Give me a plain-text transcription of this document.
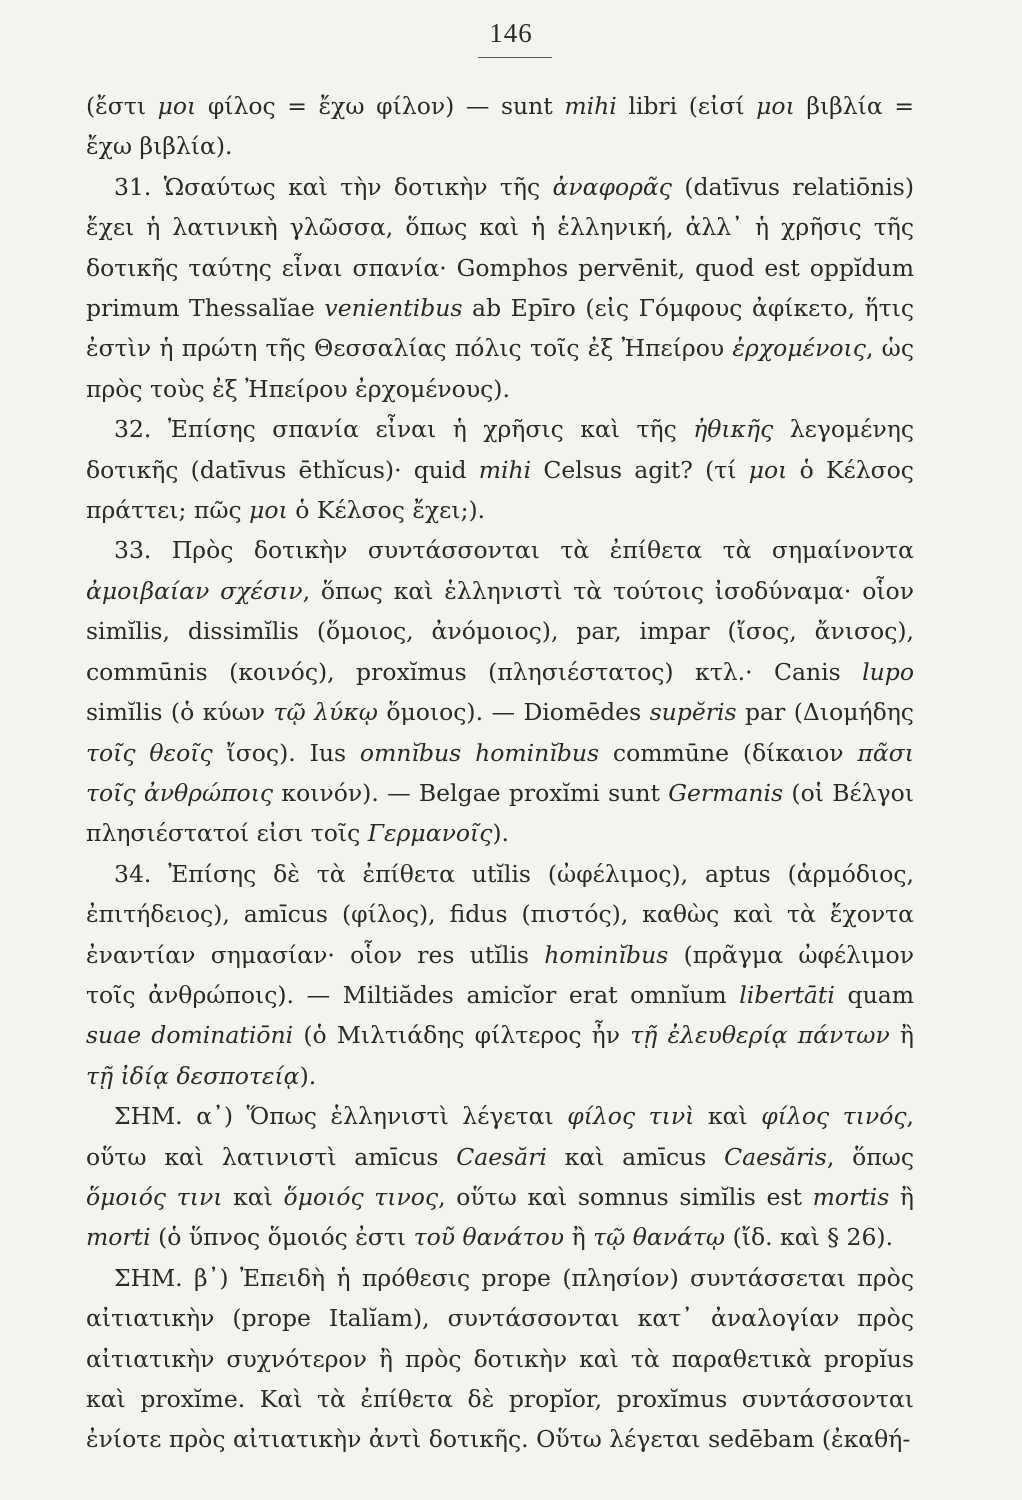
146

(ἔστι μοι φίλος = ἔχω φίλον) — sunt mihi libri (εἰσί μοι βιβλία = ἔχω βιβλία).

31. Ὡσαύτως καὶ τὴν δοτικὴν τῆς ἀναφορᾶς (datīvus relatiōnis) ἔχει ἡ λατινικὴ γλῶσσα, ὅπως καὶ ἡ ἑλληνική, ἀλλ᾽ ἡ χρῆσις τῆς δοτικῆς ταύτης εἶναι σπανία· Gomphos pervēnit, quod est oppĭdum primum Thessalĭae venientibus ab Epīro (εἰς Γόμφους ἀφίκετο, ἥτις ἐστὶν ἡ πρώτη τῆς Θεσσαλίας πόλις τοῖς ἐξ Ἠπείρου ἐρχομένοις, ὡς πρὸς τοὺς ἐξ Ἠπείρου ἐρχομένους).

32. Ἐπίσης σπανία εἶναι ἡ χρῆσις καὶ τῆς ἠθικῆς λεγομένης δοτικῆς (datīvus ēthĭcus)· quid mihi Celsus agit? (τί μοι ὁ Κέλσος πράττει; πῶς μοι ὁ Κέλσος ἔχει;).

33. Πρὸς δοτικὴν συντάσσονται τὰ ἐπίθετα τὰ σημαίνοντα ἀμοιβαίαν σχέσιν, ὅπως καὶ ἑλληνιστὶ τὰ τούτοις ἰσοδύναμα· οἷον simĭlis, dissimĭlis (ὅμοιος, ἀνόμοιος), par, impar (ἴσος, ἄνισος), commūnis (κοινός), proxĭmus (πλησιέστατος) κτλ.· Canis lupo simĭlis (ὁ κύων τῷ λύκῳ ὅμοιος). — Diomēdes supĕris par (Διομήδης τοῖς θεοῖς ἴσος). Ius omnĭbus hominĭbus commūne (δίκαιον πᾶσι τοῖς ἀνθρώποις κοινόν). — Belgae proxĭmi sunt Germanis (οἱ Βέλγοι πλησιέστατοί εἰσι τοῖς Γερμανοῖς).

34. Ἐπίσης δὲ τὰ ἐπίθετα utĭlis (ὠφέλιμος), aptus (ἁρμόδιος, ἐπιτήδειος), amīcus (φίλος), fidus (πιστός), καθὼς καὶ τὰ ἔχοντα ἐναντίαν σημασίαν· οἷον res utĭlis hominĭbus (πρᾶγμα ὠφέλιμον τοῖς ἀνθρώποις). — Miltiădes amicĭor erat omnĭum libertāti quam suae dominatiōni (ὁ Μιλτιάδης φίλτερος ἦν τῇ ἐλευθερίᾳ πάντων ἢ τῇ ἰδίᾳ δεσποτείᾳ).

ΣΗΜ. α᾽) Ὅπως ἑλληνιστὶ λέγεται φίλος τινὶ καὶ φίλος τινός, οὕτω καὶ λατινιστὶ amīcus Caesări καὶ amīcus Caesăris, ὅπως ὅμοιός τινι καὶ ὅμοιός τινος, οὕτω καὶ somnus simĭlis est mortis ἢ morti (ὁ ὕπνος ὅμοιός ἐστι τοῦ θανάτου ἢ τῷ θανάτῳ (ἴδ. καὶ § 26).

ΣΗΜ. β᾽) Ἐπειδὴ ἡ πρόθεσις prope (πλησίον) συντάσσεται πρὸς αἰτιατικὴν (prope Italĭam), συντάσσονται κατ᾽ ἀναλογίαν πρὸς αἰτιατικὴν συχνότερον ἢ πρὸς δοτικὴν καὶ τὰ παραθετικὰ propĭus καὶ proxĭme. Καὶ τὰ ἐπίθετα δὲ propĭor, proxĭmus συντάσσονται ἐνίοτε πρὸς αἰτιατικὴν ἀντὶ δοτικῆς. Οὕτω λέγεται sedēbam (ἐκαθή-
